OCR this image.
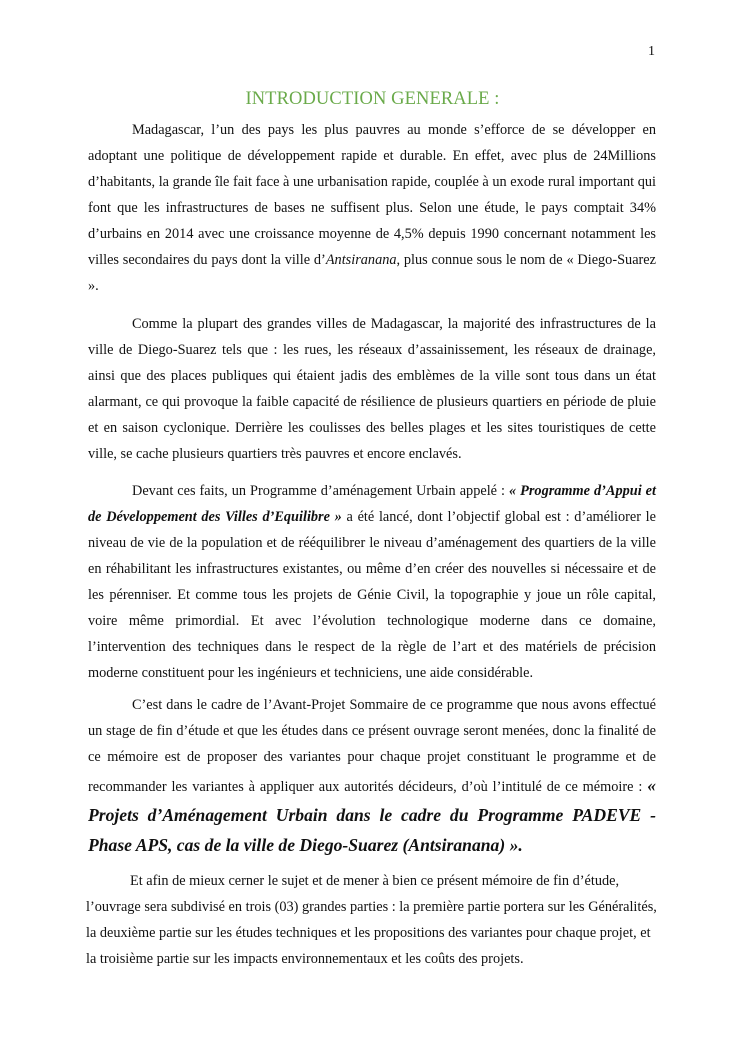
1
INTRODUCTION GENERALE :

Madagascar, l’un des pays les plus pauvres au monde s’efforce de se développer en adoptant une politique de développement rapide et durable. En effet, avec plus de 24Millions d’habitants, la grande île fait face à une urbanisation rapide, couplée à un exode rural important qui font que les infrastructures de bases ne suffisent plus. Selon une étude, le pays comptait 34% d’urbains en 2014 avec une croissance moyenne de 4,5% depuis 1990 concernant notamment les villes secondaires du pays dont la ville d’Antsiranana, plus connue sous le nom de « Diego-Suarez ».

Comme la plupart des grandes villes de Madagascar, la majorité des infrastructures de la ville de Diego-Suarez tels que : les rues, les réseaux d’assainissement, les réseaux de drainage, ainsi que des places publiques qui étaient jadis des emblèmes de la ville sont tous dans un état alarmant, ce qui provoque la faible capacité de résilience de plusieurs quartiers en période de pluie et en saison cyclonique. Derrière les coulisses des belles plages et les sites touristiques de cette ville, se cache plusieurs quartiers très pauvres et encore enclavés.

Devant ces faits, un Programme d’aménagement Urbain appelé : « Programme d’Appui et de Développement des Villes d’Equilibre » a été lancé, dont l’objectif global est : d’améliorer le niveau de vie de la population et de rééquilibrer le niveau d’aménagement des quartiers de la ville en réhabilitant les infrastructures existantes, ou même d’en créer des nouvelles si nécessaire et de les pérenniser. Et comme tous les projets de Génie Civil, la topographie y joue un rôle capital, voire même primordial. Et avec l’évolution technologique moderne dans ce domaine, l’intervention des techniques dans le respect de la règle de l’art et des matériels de précision moderne constituent pour les ingénieurs et techniciens, une aide considérable.

C’est dans le cadre de l’Avant-Projet Sommaire de ce programme que nous avons effectué un stage de fin d’étude et que les études dans ce présent ouvrage seront menées, donc la finalité de ce mémoire est de proposer des variantes pour chaque projet constituant le programme et de recommander les variantes à appliquer aux autorités décideurs, d’où l’intitulé de ce mémoire : « Projets d’Aménagement Urbain dans le cadre du Programme PADEVE - Phase APS, cas de la ville de Diego-Suarez (Antsiranana) ».

Et afin de mieux cerner le sujet et de mener à bien ce présent mémoire de fin d’étude, l’ouvrage sera subdivisé en trois (03) grandes parties : la première partie portera sur les Généralités, la deuxième partie sur les études techniques et les propositions des variantes pour chaque projet, et la troisième partie sur les impacts environnementaux et les coûts des projets.
